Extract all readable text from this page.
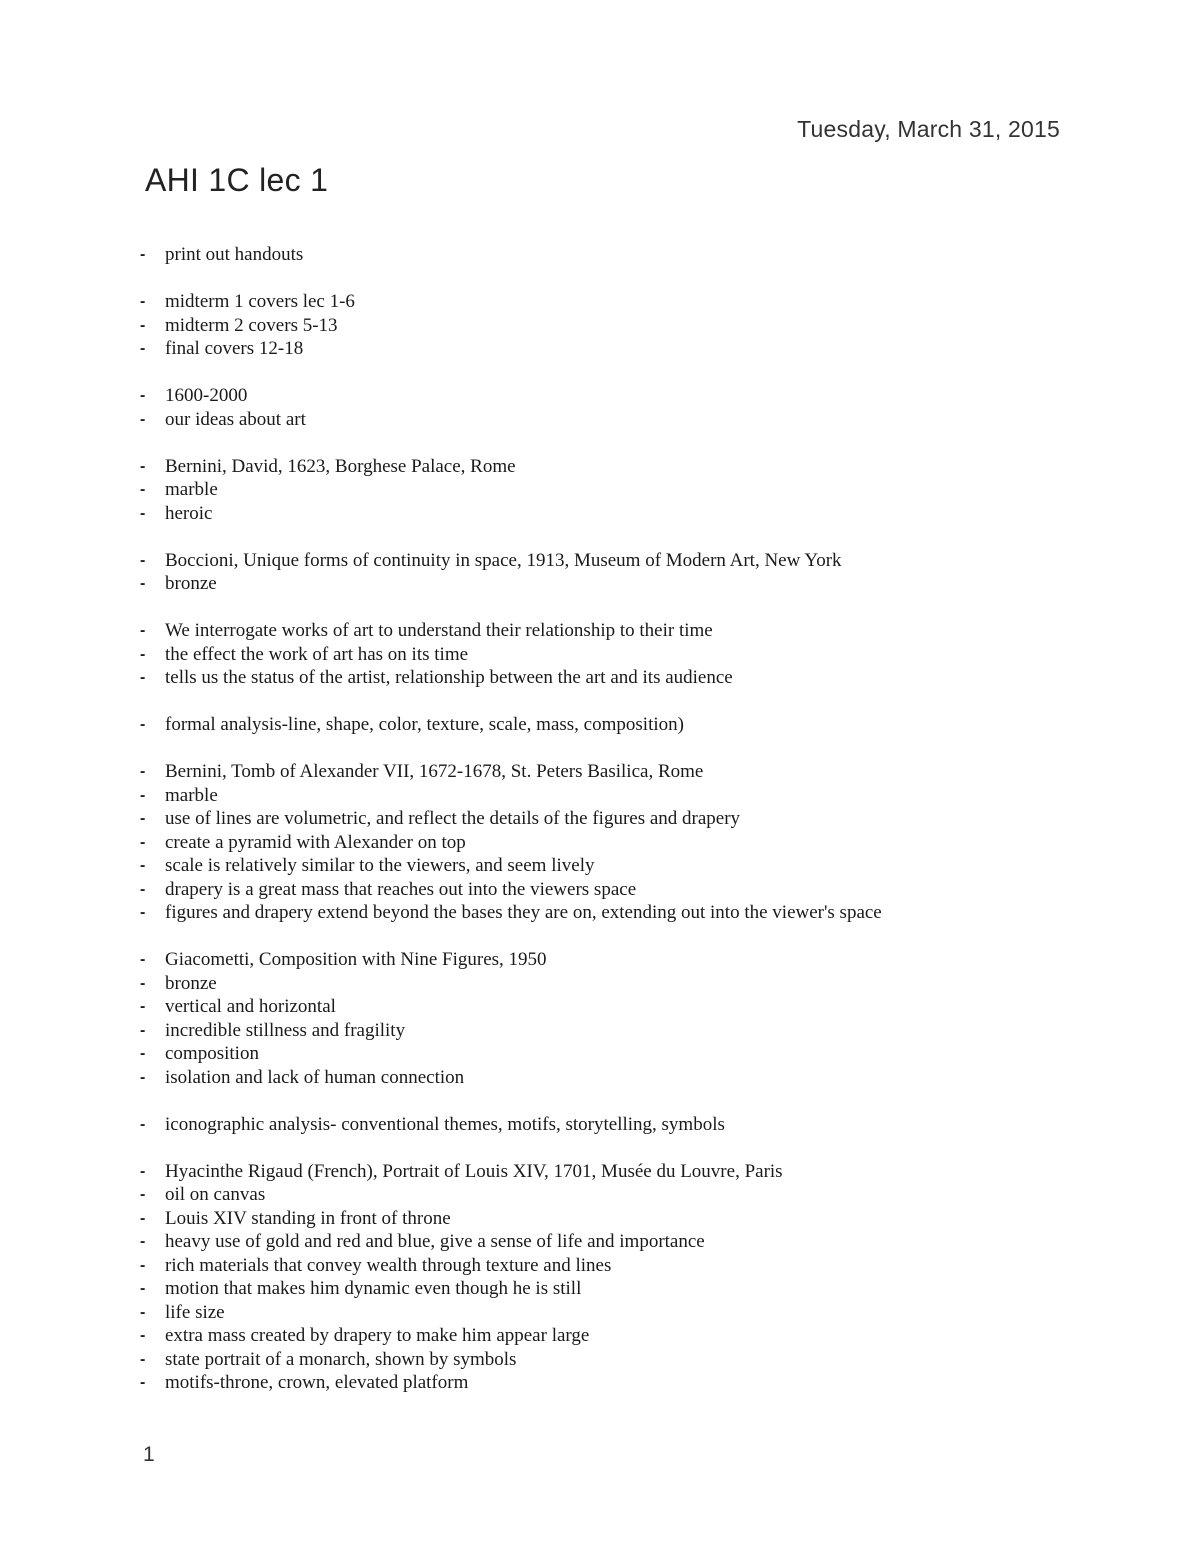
Tuesday, March 31, 2015
AHI 1C lec 1
-	print out handouts
-	midterm 1 covers lec 1-6
-	midterm 2 covers 5-13
-	final covers 12-18
-	1600-2000
-	our ideas about art
-	Bernini, David, 1623, Borghese Palace, Rome
-	marble
-	heroic
-	Boccioni, Unique forms of continuity in space, 1913, Museum of Modern Art, New York
-	bronze
-	We interrogate works of art to understand their relationship to their time
-	the effect the work of art has on its time
-	tells us the status of the artist, relationship between the art and its audience
-	formal analysis-line, shape, color, texture, scale, mass, composition)
-	Bernini, Tomb of Alexander VII, 1672-1678, St. Peters Basilica, Rome
-	marble
-	use of lines are volumetric, and reflect the details of the figures and drapery
-	create a pyramid with Alexander on top
-	scale is relatively similar to the viewers, and seem lively
-	drapery is a great mass that reaches out into the viewers space
-	figures and drapery extend beyond the bases they are on, extending out into the viewer's space
-	Giacometti, Composition with Nine Figures, 1950
-	bronze
-	vertical and horizontal
-	incredible stillness and fragility
-	composition
-	isolation and lack of human connection
-	iconographic analysis- conventional themes, motifs, storytelling, symbols
-	Hyacinthe Rigaud (French), Portrait of Louis XIV, 1701, Musée du Louvre, Paris
-	oil on canvas
-	Louis XIV standing in front of throne
-	heavy use of gold and red and blue, give a sense of life and importance
-	rich materials that convey wealth through texture and lines
-	motion that makes him dynamic even though he is still
-	life size
-	extra mass created by drapery to make him appear large
-	state portrait of a monarch, shown by symbols
-	motifs-throne, crown, elevated platform
1
